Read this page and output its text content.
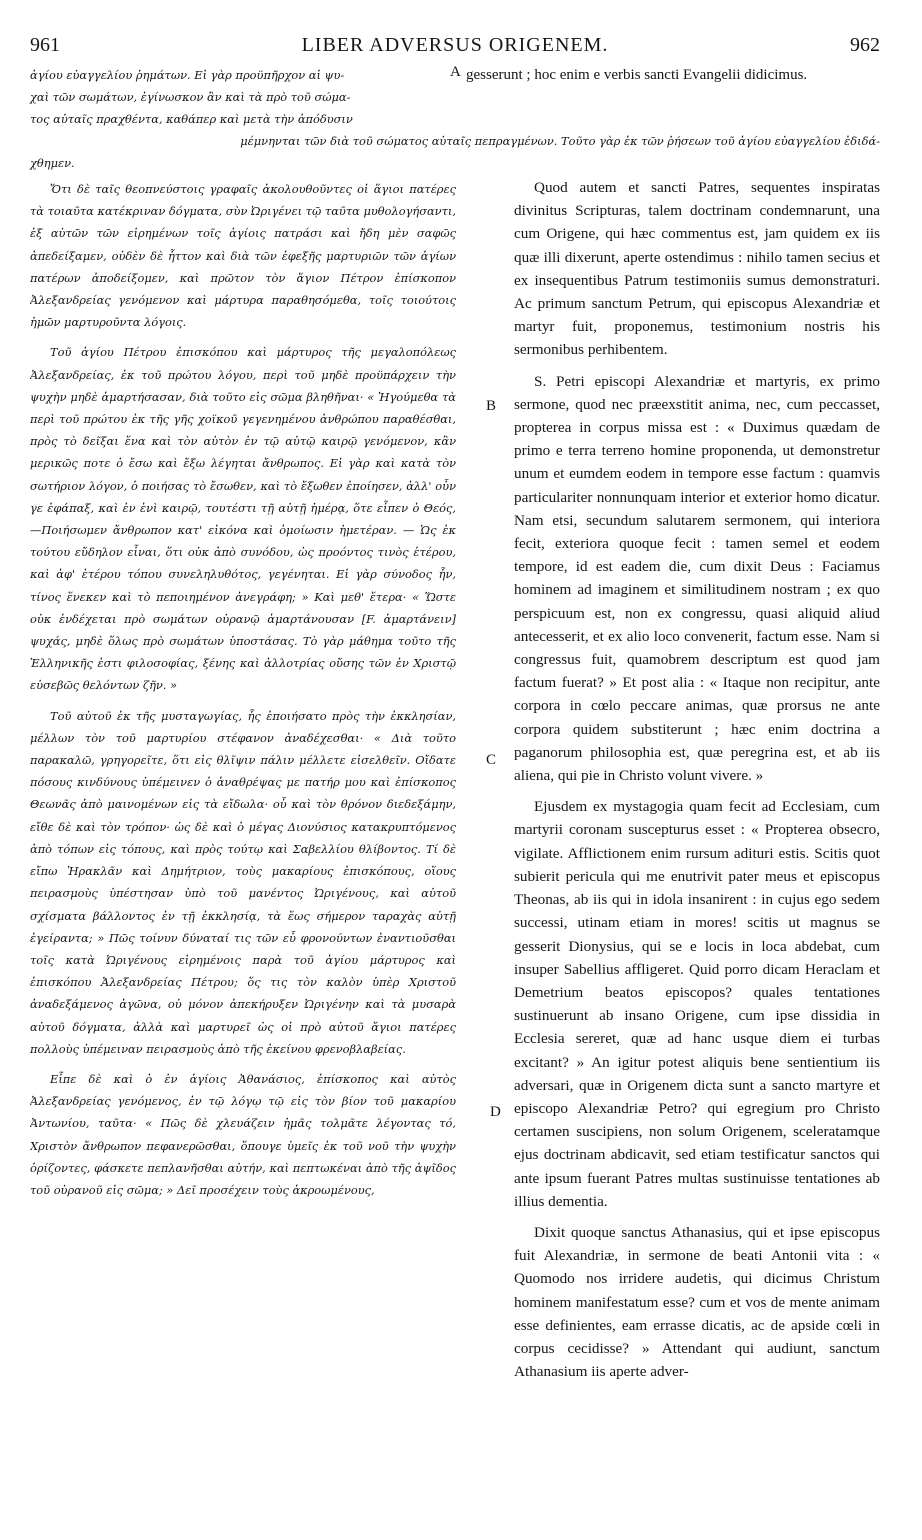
961	LIBER ADVERSUS ORIGENEM.	962
ἁγίου εὐαγγελίου ῥημάτων. Εἰ γὰρ προϋπῆρχον αἱ ψυ-
χαὶ τῶν σωμάτων, ἐγίνωσκον ἂν καὶ τὰ πρὸ τοῦ σώμα-
τος αὐταῖς πραχθέντα, καθάπερ καὶ μετὰ τὴν ἀπόδυσιν
A gesserunt ; hoc enim e verbis sancti Evangelii didicimus.
μέμνηνται τῶν διὰ τοῦ σώματος αὐταῖς πεπραγμένων. Τοῦτο γὰρ ἐκ τῶν ῥήσεων τοῦ ἁγίου εὐαγγελίου ἐδιδά-
χθημεν.

Ὅτι δὲ ταῖς θεοπνεύστοις γραφαῖς ἀκολουθοῦντες οἱ ἅγιοι πατέρες τὰ τοιαῦτα κατέκριναν δόγματα, σὺν Ὠριγένει τῷ ταῦτα μυθολογήσαντι, ἐξ αὐτῶν τῶν εἰρημένων τοῖς ἁγίοις πατράσι καὶ ἤδη μὲν σαφῶς ἀπεδείξαμεν, οὐδὲν δὲ ἧττον καὶ διὰ τῶν ἐφεξῆς μαρτυριῶν τῶν ἁγίων πατέρων ἀποδείξομεν, καὶ πρῶτον τὸν ἅγιον Πέτρον ἐπίσκοπον Ἀλεξανδρείας γενόμενον καὶ μάρτυρα παραθησόμεθα, τοῖς τοιούτοις ἡμῶν μαρτυροῦντα λόγοις.

Τοῦ ἁγίου Πέτρου ἐπισκόπου καὶ μάρτυρος τῆς μεγαλοπόλεως Ἀλεξανδρείας, ἐκ τοῦ πρώτου λόγου, περὶ τοῦ μηδὲ προϋπάρχειν τὴν ψυχὴν μηδὲ ἁμαρτήσασαν, διὰ τοῦτο εἰς σῶμα βληθῆναι· « Ἡγούμεθα τὰ περὶ τοῦ πρώτου ἐκ τῆς γῆς χοϊκοῦ γεγενημένου ἀνθρώπου παραθέσθαι, πρὸς τὸ δεῖξαι ἕνα καὶ τὸν αὐτὸν ἐν τῷ αὐτῷ καιρῷ γενόμενον, κἂν μερικῶς ποτε ὁ ἔσω καὶ ἔξω λέγηται ἄνθρωπος. Εἰ γὰρ καὶ κατὰ τὸν σωτήριον λόγον, ὁ ποιήσας τὸ ἔσωθεν, καὶ τὸ ἔξωθεν ἐποίησεν, ἀλλ' οὖν γε ἐφάπαξ, καὶ ἐν ἑνὶ καιρῷ, τουτέστι τῇ αὐτῇ ἡμέρᾳ, ὅτε εἶπεν ὁ Θεός,—Ποιήσωμεν ἄνθρωπον κατ' εἰκόνα καὶ ὁμοίωσιν ἡμετέραν. — Ὡς ἐκ τούτου εὔδηλον εἶναι, ὅτι οὐκ ἀπὸ συνόδου, ὡς προόντος τινὸς ἑτέρου, καὶ ἀφ' ἑτέρου τόπου συνεληλυθότος, γεγένηται. Εἰ γὰρ σύνοδος ἦν, τίνος ἕνεκεν καὶ τὸ πεποιημένον ἀνεγράφη; » Καὶ μεθ' ἕτερα· « Ὥστε οὐκ ἐνδέχεται πρὸ σωμάτων οὐρανῷ ἁμαρτάνουσαν [F. ἁμαρτάνειν] ψυχάς, μηδὲ ὅλως πρὸ σωμάτων ὑποστάσας. Τὸ γὰρ μάθημα τοῦτο τῆς Ἑλληνικῆς ἐστι φιλοσοφίας, ξένης καὶ ἀλλοτρίας οὔσης τῶν ἐν Χριστῷ εὐσεβῶς θελόντων ζῆν. »

Τοῦ αὐτοῦ ἐκ τῆς μυσταγωγίας, ἧς ἐποιήσατο πρὸς τὴν ἐκκλησίαν, μέλλων τὸν τοῦ μαρτυρίου στέφανον ἀναδέχεσθαι· « Διὰ τοῦτο παρακαλῶ, γρηγορεῖτε, ὅτι εἰς θλῖψιν πάλιν μέλλετε εἰσελθεῖν. Οἴδατε πόσους κινδύνους ὑπέμεινεν ὁ ἀναθρέψας με πατήρ μου καὶ ἐπίσκοπος Θεωνᾶς ἀπὸ μαινομένων εἰς τὰ εἴδωλα· οὗ καὶ τὸν θρόνον διεδεξάμην, εἴθε δὲ καὶ τὸν τρόπον· ὡς δὲ καὶ ὁ μέγας Διονύσιος κατακρυπτόμενος ἀπὸ τόπων εἰς τόπους, καὶ πρὸς τούτῳ καὶ Σαβελλίου θλίβοντος. Τί δὲ εἴπω Ἡρακλᾶν καὶ Δημήτριον, τοὺς μακαρίους ἐπισκόπους, οἵους πειρασμοὺς ὑπέστησαν ὑπὸ τοῦ μανέντος Ὠριγένους, καὶ αὐτοῦ σχίσματα βάλλοντος ἐν τῇ ἐκκλησίᾳ, τὰ ἕως σήμερον ταραχὰς αὐτῇ ἐγείραντα; » Πῶς τοίνυν δύναταί τις τῶν εὖ φρονούντων ἐναντιοῦσθαι τοῖς κατὰ Ὠριγένους εἰρημένοις παρὰ τοῦ ἁγίου μάρτυρος καὶ ἐπισκόπου Ἀλεξανδρείας Πέτρου; ὅς τις τὸν καλὸν ὑπὲρ Χριστοῦ ἀναδεξάμενος ἀγῶνα, οὐ μόνον ἀπεκήρυξεν Ὠριγένην καὶ τὰ μυσαρὰ αὐτοῦ δόγματα, ἀλλὰ καὶ μαρτυρεῖ ὡς οἱ πρὸ αὐτοῦ ἅγιοι πατέρες πολλοὺς ὑπέμειναν πειρασμοὺς ἀπὸ τῆς ἐκείνου φρενοβλαβείας.

Εἶπε δὲ καὶ ὁ ἐν ἁγίοις Ἀθανάσιος, ἐπίσκοπος καὶ αὐτὸς Ἀλεξανδρείας γενόμενος, ἐν τῷ λόγῳ τῷ εἰς τὸν βίον τοῦ μακαρίου Ἀντωνίου, ταῦτα· « Πῶς δὲ χλευάζειν ἡμᾶς τολμᾶτε λέγοντας τό, Χριστὸν ἄνθρωπον πεφανερῶσθαι, ὅπουγε ὑμεῖς ἐκ τοῦ νοῦ τὴν ψυχὴν ὁρίζοντες, φάσκετε πεπλανῆσθαι αὐτήν, καὶ πεπτωκέναι ἀπὸ τῆς ἀψῖδος τοῦ οὐρανοῦ εἰς σῶμα; » Δεῖ προσέχειν τοὺς ἀκροωμένους,

B
C
D

Quod autem et sancti Patres, sequentes inspiratas divinitus Scripturas, talem doctrinam condemnarunt, una cum Origene, qui hæc commentus est, jam quidem ex iis quæ illi dixerunt, aperte ostendimus : nihilo tamen secius et ex insequentibus Patrum testimoniis sumus demonstraturi. Ac primum sanctum Petrum, qui episcopus Alexandriæ et martyr fuit, proponemus, testimonium nostris his sermonibus perhibentem.

S. Petri episcopi Alexandriæ et martyris, ex primo sermone, quod nec præexstitit anima, nec, cum peccasset, propterea in corpus missa est : « Duximus quædam de primo e terra terreno homine proponenda, ut demonstretur unum et eumdem eodem in tempore esse factum : quamvis particulariter nonnunquam interior et exterior homo dicatur. Nam etsi, secundum salutarem sermonem, qui interiora fecit, exteriora quoque fecit : tamen semel et eodem tempore, id est eadem die, cum dixit Deus : Faciamus hominem ad imaginem et similitudinem nostram ; ex quo perspicuum est, non ex congressu, quasi aliquid aliud antecesserit, et ex alio loco convenerit, factum esse. Nam si congressus fuit, quamobrem descriptum est quod jam factum fuerat? » Et post alia : « Itaque non recipitur, ante corpora in cœlo peccare animas, quæ prorsus ne ante corpora quidem substiterunt ; hæc enim doctrina a paganorum philosophia est, quæ peregrina est, et ab iis aliena, qui pie in Christo volunt vivere. »

Ejusdem ex mystagogia quam fecit ad Ecclesiam, cum martyrii coronam suscepturus esset : « Propterea obsecro, vigilate. Afflictionem enim rursum adituri estis. Scitis quot subierit pericula qui me enutrivit pater meus et episcopus Theonas, ab iis qui in idola insanirent : in cujus ego sedem successi, utinam etiam in mores! scitis ut magnus se gesserit Dionysius, qui se e locis in loca abdebat, cum insuper Sabellius affligeret. Quid porro dicam Heraclam et Demetrium beatos episcopos? quales tentationes sustinuerunt ab insano Origene, cum ipse dissidia in Ecclesia sereret, quæ ad hanc usque diem ei turbas excitant? » An igitur potest aliquis bene sentientium iis adversari, quæ in Origenem dicta sunt a sancto martyre et episcopo Alexandriæ Petro? qui egregium pro Christo certamen suscipiens, non solum Origenem, sceleratamque ejus doctrinam abdicavit, sed etiam testificatur sanctos qui ante ipsum fuerant Patres multas sustinuisse tentationes ab illius dementia.

Dixit quoque sanctus Athanasius, qui et ipse episcopus fuit Alexandriæ, in sermone de beati Antonii vita : « Quomodo nos irridere audetis, qui dicimus Christum hominem manifestatum esse? cum et vos de mente animam esse definientes, eam errasse dicatis, ac de apside cœli in corpus cecidisse? » Attendant qui audiunt, sanctum Athanasium iis aperte adver-
